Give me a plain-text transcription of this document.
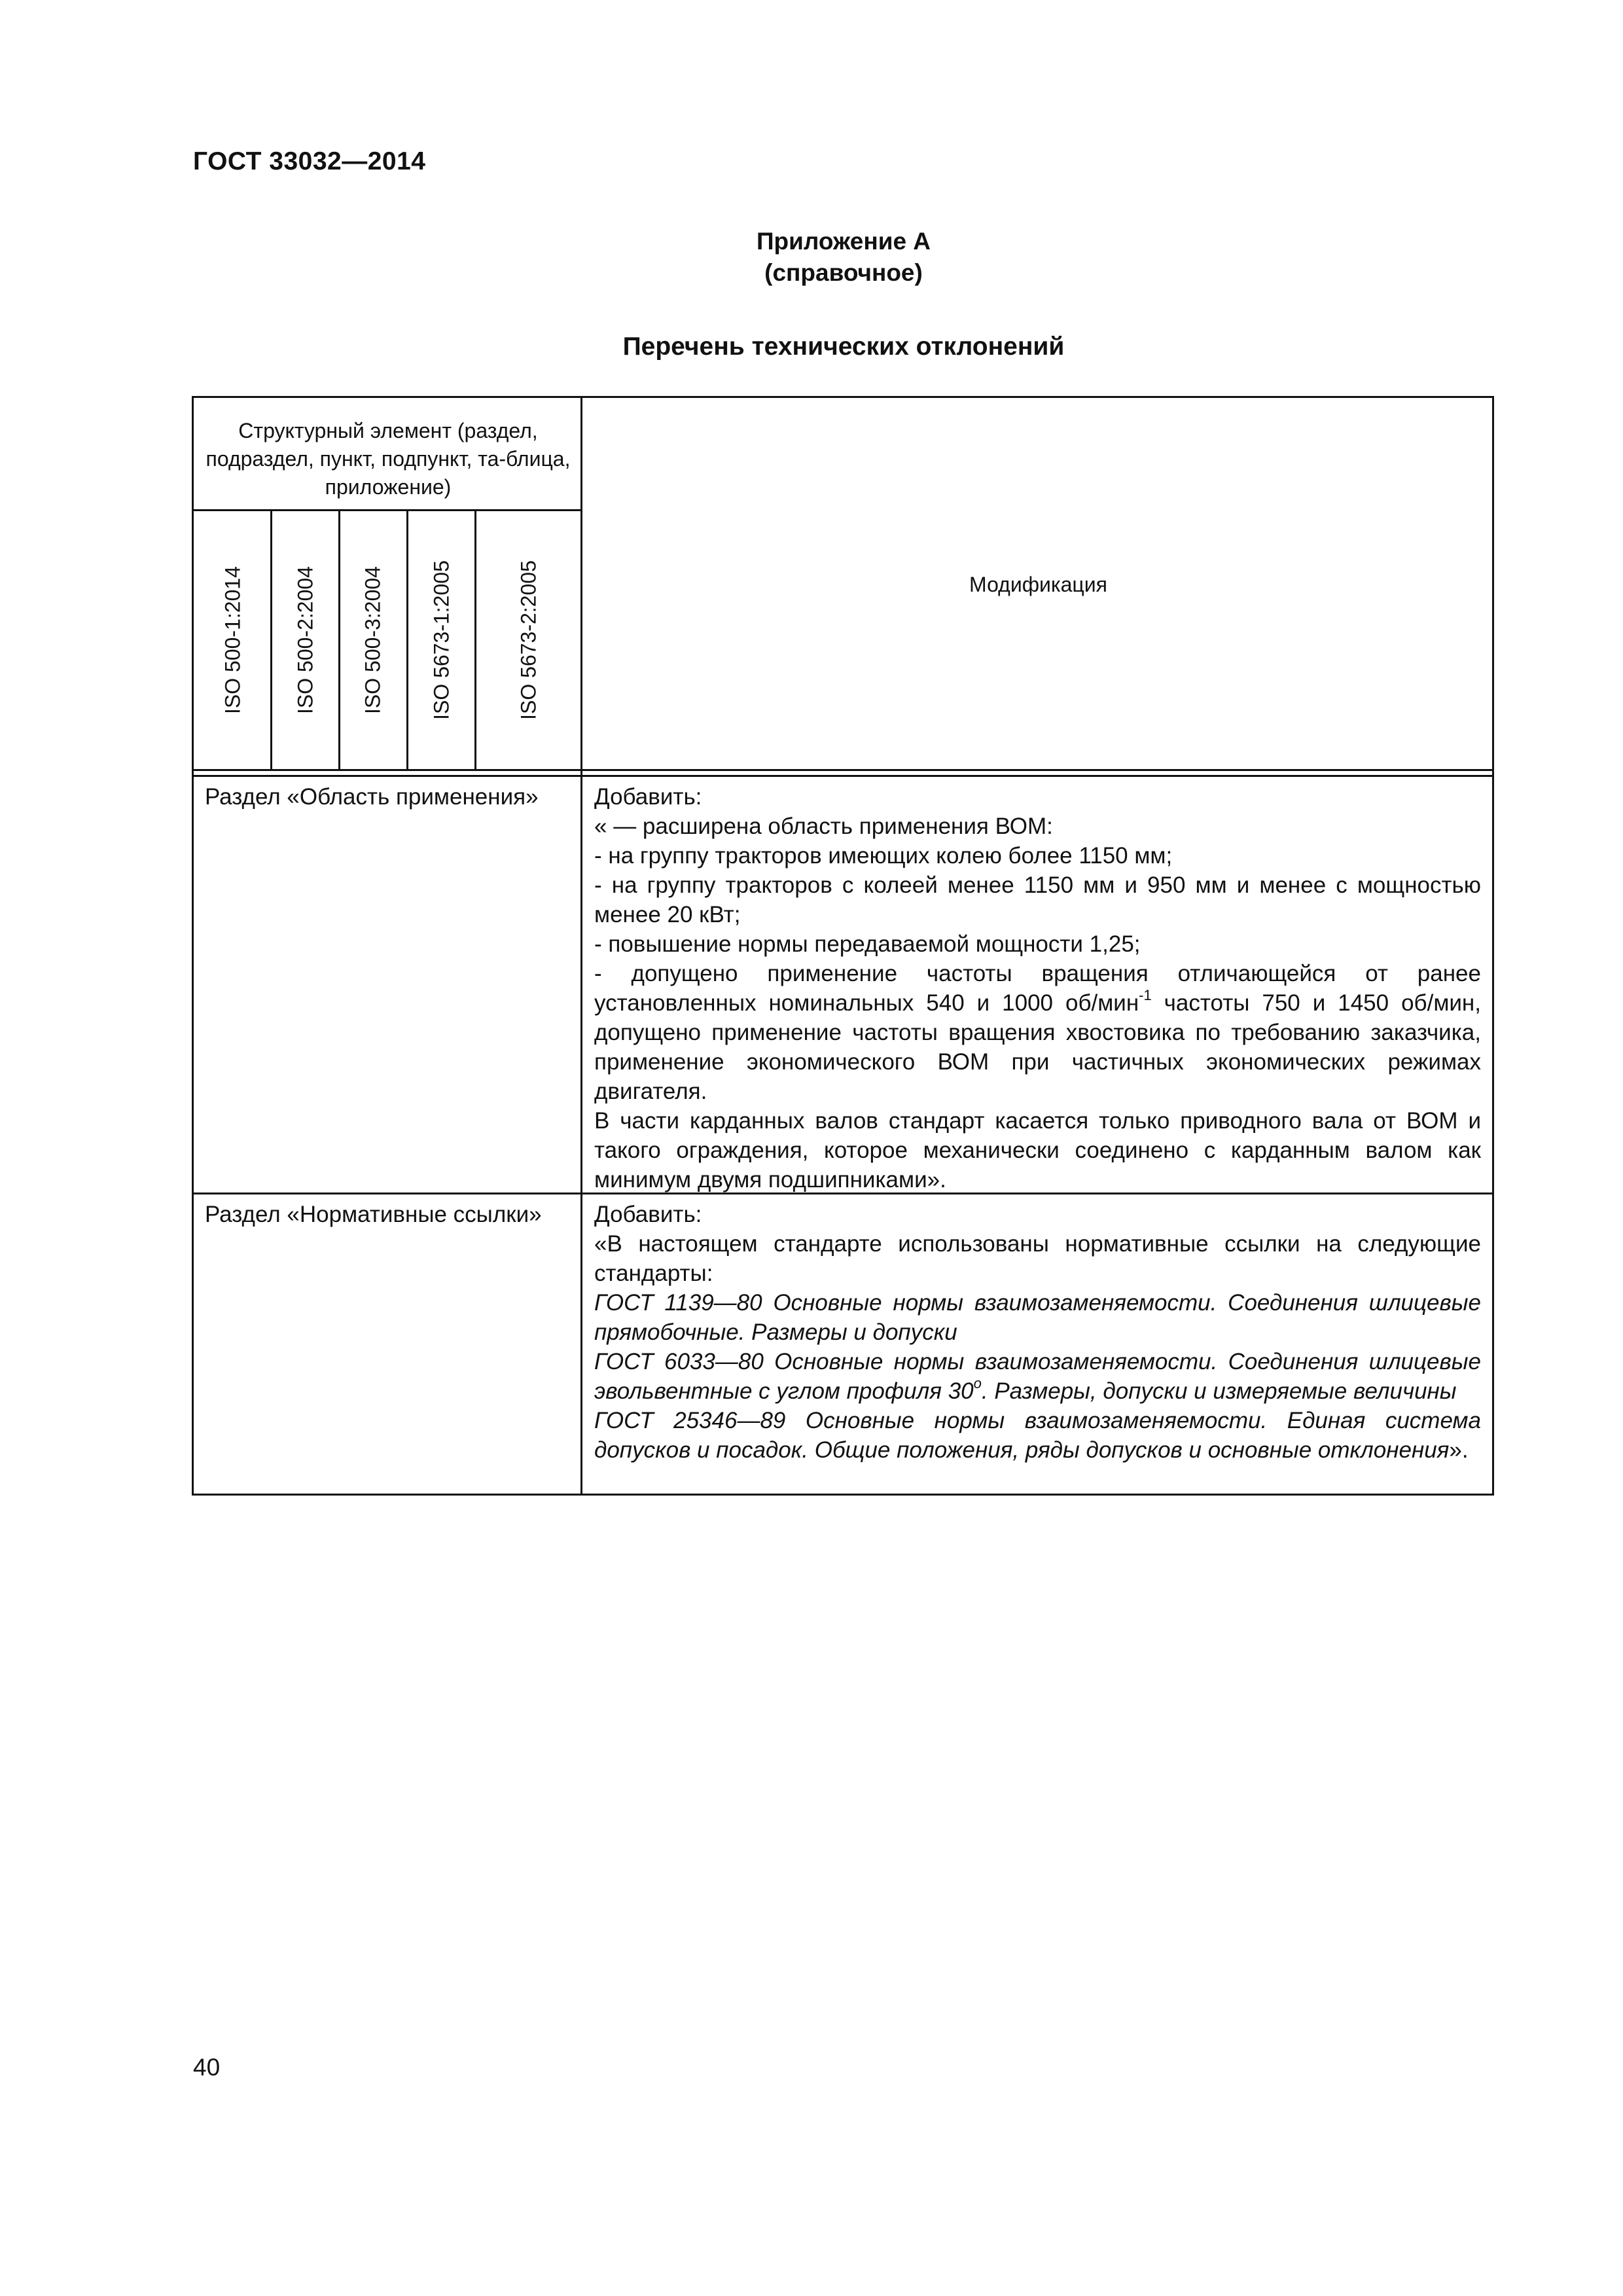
ГОСТ 33032—2014
Приложение А
(справочное)
Перечень технических отклонений
Структурный элемент (раздел, подраздел, пункт, подпункт, та-блица, приложение)
Модификация
ISO 500-1:2014 ISO 500-2:2004 ISO 500-3:2004 ISO 5673-1:2005	ISO 5673-2:2005
Раздел «Область применения» Добавить:

« — расширена область применения ВОМ:

- на группу тракторов имеющих колею более 1150 мм;

- на группу тракторов с колеей менее 1150 мм и 950 мм и менее с мощностью менее 20 кВт;

- повышение нормы передаваемой мощности 1,25;

- допущено применение частоты вращения отличающейся от ранее установленных номинальных 540 и 1000 об/мин$^{-1}$ частоты 750 и 1450 об/мин, допущено применение частоты вращения хвостовика по требованию заказчика, применение экономического ВОМ при частичных экономических режимах двигателя.

В части карданных валов стандарт касается только приводного вала от ВОМ и такого ограждения, которое механически соединено с карданным валом как минимум двумя подшипниками».

Раздел «Нормативные ссылки» Добавить:

«В настоящем стандарте использованы нормативные ссылки на следующие стандарты:

ГОСТ 1139—80 Основные нормы взаимозаменяемости. Соединения шлицевые прямобочные. Размеры и допуски

ГОСТ 6033—80 Основные нормы взаимозаменяемости. Соединения шлицевые эвольвентные с углом профиля $30^о$. Размеры, допуски и измеряемые величины

ГОСТ 25346—89 Основные нормы взаимозаменяемости. Единая система допусков и посадок. Общие положения, ряды допусков и основные отклонения».

40
